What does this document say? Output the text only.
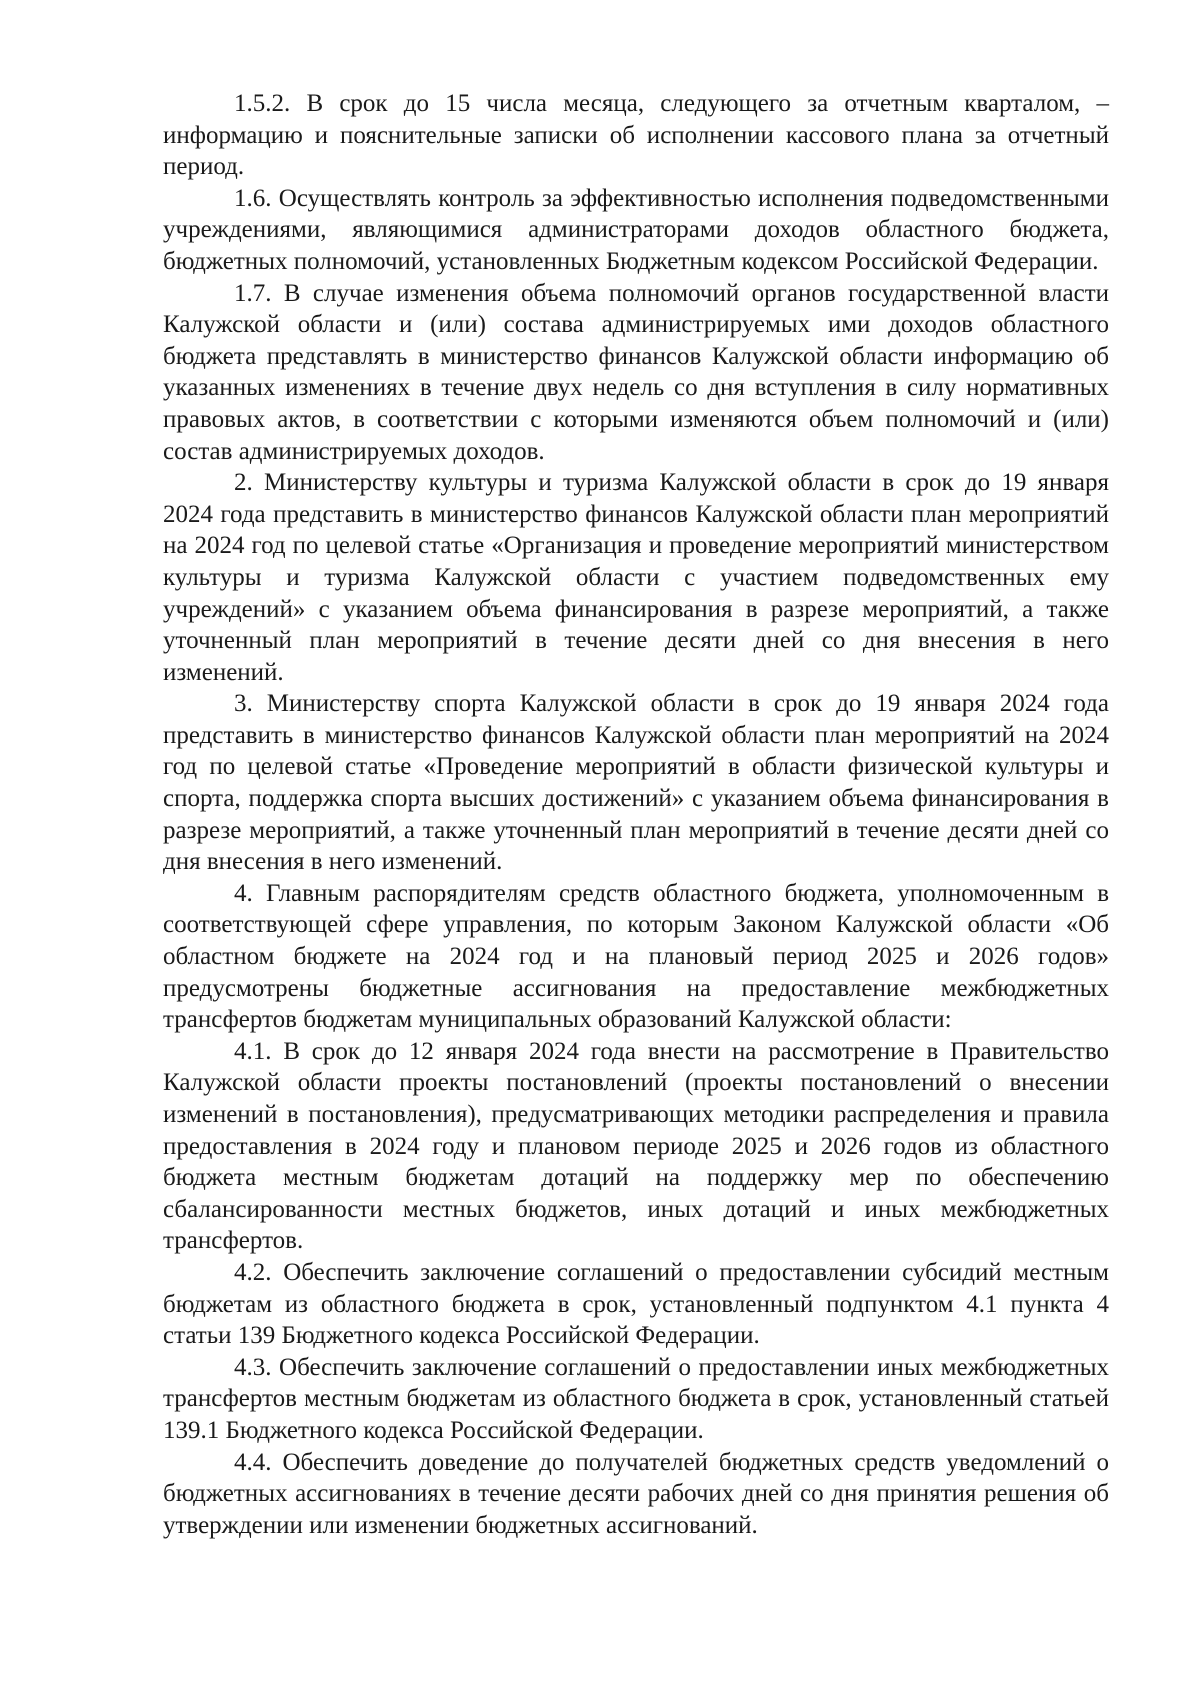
1.5.2. В срок до 15 числа месяца, следующего за отчетным кварталом, – информацию и пояснительные записки об исполнении кассового плана за отчетный период.

1.6. Осуществлять контроль за эффективностью исполнения подведомственными учреждениями, являющимися администраторами доходов областного бюджета, бюджетных полномочий, установленных Бюджетным кодексом Российской Федерации.

1.7. В случае изменения объема полномочий органов государственной власти Калужской области и (или) состава администрируемых ими доходов областного бюджета представлять в министерство финансов Калужской области информацию об указанных изменениях в течение двух недель со дня вступления в силу нормативных правовых актов, в соответствии с которыми изменяются объем полномочий и (или) состав администрируемых доходов.

2. Министерству культуры и туризма Калужской области в срок до 19 января 2024 года представить в министерство финансов Калужской области план мероприятий на 2024 год по целевой статье «Организация и проведение мероприятий министерством культуры и туризма Калужской области с участием подведомственных ему учреждений» с указанием объема финансирования в разрезе мероприятий, а также уточненный план мероприятий в течение десяти дней со дня внесения в него изменений.

3. Министерству спорта Калужской области в срок до 19 января 2024 года представить в министерство финансов Калужской области план мероприятий на 2024 год по целевой статье «Проведение мероприятий в области физической культуры и спорта, поддержка спорта высших достижений» с указанием объема финансирования в разрезе мероприятий, а также уточненный план мероприятий в течение десяти дней со дня внесения в него изменений.

4. Главным распорядителям средств областного бюджета, уполномоченным в соответствующей сфере управления, по которым Законом Калужской области «Об областном бюджете на 2024 год и на плановый период 2025 и 2026 годов» предусмотрены бюджетные ассигнования на предоставление межбюджетных трансфертов бюджетам муниципальных образований Калужской области:

4.1. В срок до 12 января 2024 года внести на рассмотрение в Правительство Калужской области проекты постановлений (проекты постановлений о внесении изменений в постановления), предусматривающих методики распределения и правила предоставления в 2024 году и плановом периоде 2025 и 2026 годов из областного бюджета местным бюджетам дотаций на поддержку мер по обеспечению сбалансированности местных бюджетов, иных дотаций и иных межбюджетных трансфертов.

4.2. Обеспечить заключение соглашений о предоставлении субсидий местным бюджетам из областного бюджета в срок, установленный подпунктом 4.1 пункта 4 статьи 139 Бюджетного кодекса Российской Федерации.

4.3. Обеспечить заключение соглашений о предоставлении иных межбюджетных трансфертов местным бюджетам из областного бюджета в срок, установленный статьей 139.1 Бюджетного кодекса Российской Федерации.

4.4. Обеспечить доведение до получателей бюджетных средств уведомлений о бюджетных ассигнованиях в течение десяти рабочих дней со дня принятия решения об утверждении или изменении бюджетных ассигнований.
